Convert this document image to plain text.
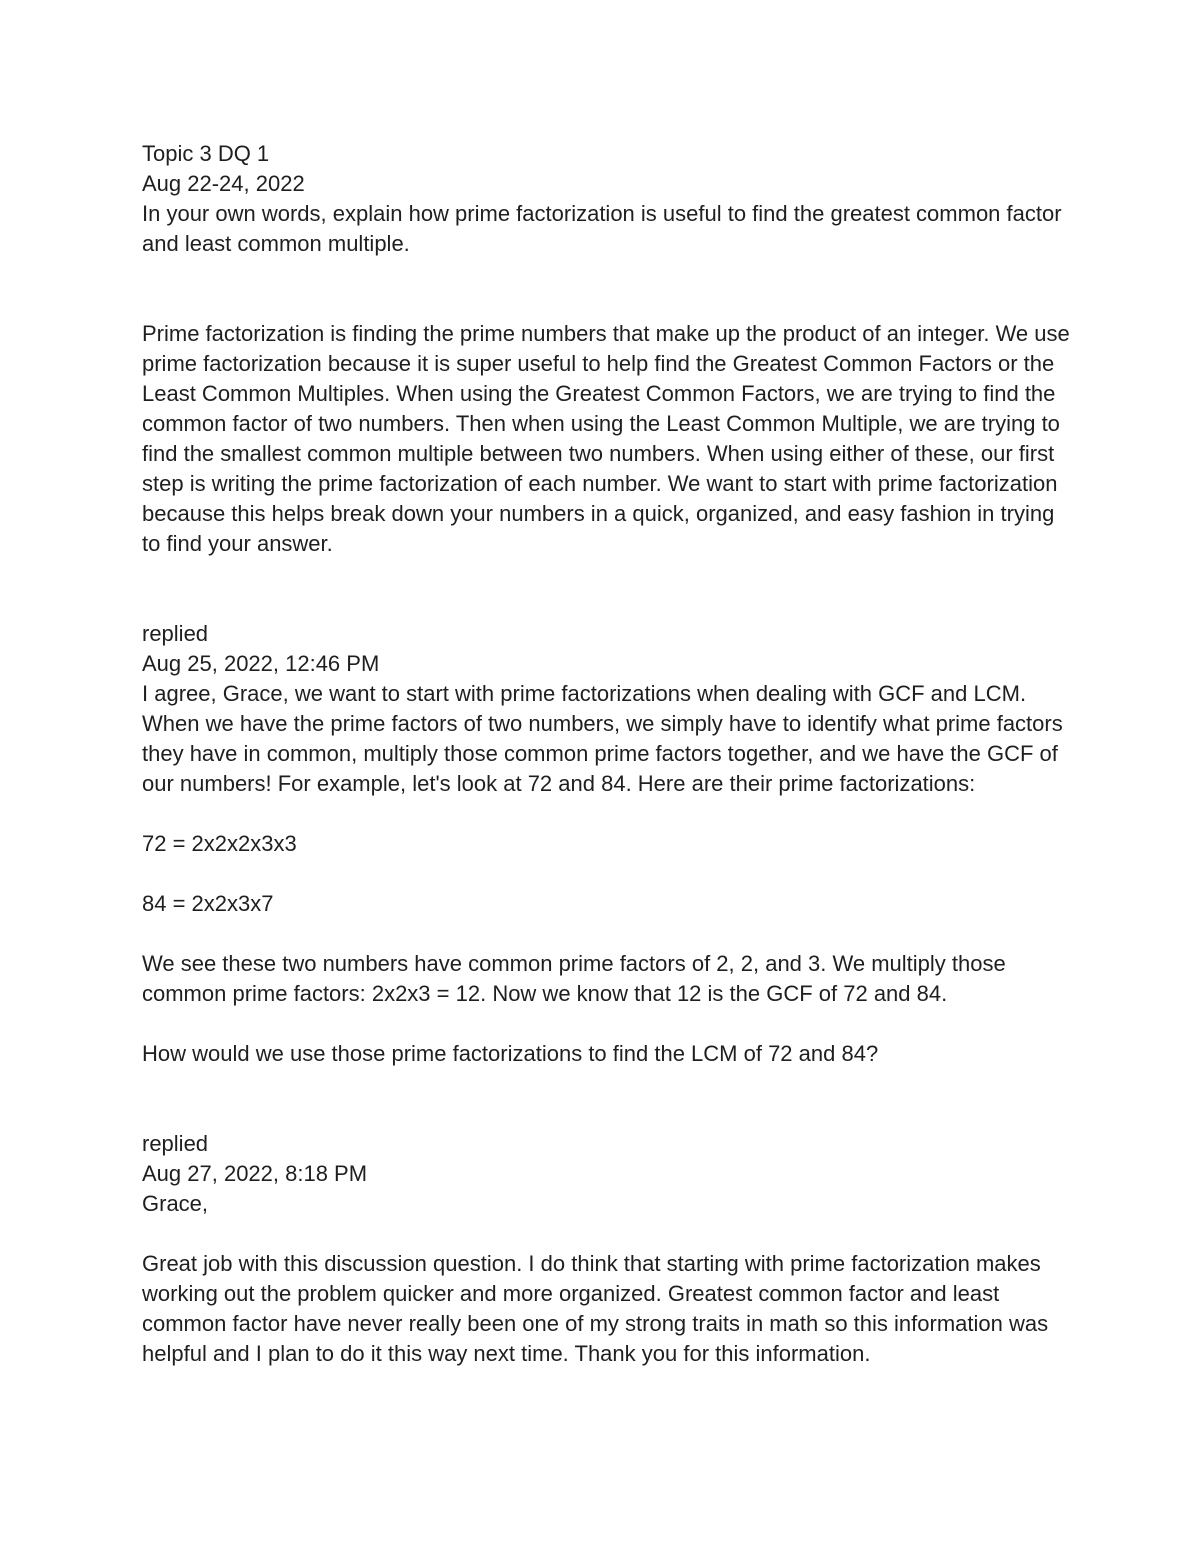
Topic 3 DQ 1

Aug 22-24, 2022

In your own words, explain how prime factorization is useful to find the greatest common factor and least common multiple.

Prime factorization is finding the prime numbers that make up the product of an integer. We use prime factorization because it is super useful to help find the Greatest Common Factors or the Least Common Multiples. When using the Greatest Common Factors, we are trying to find the common factor of two numbers. Then when using the Least Common Multiple, we are trying to find the smallest common multiple between two numbers. When using either of these, our first step is writing the prime factorization of each number. We want to start with prime factorization because this helps break down your numbers in a quick, organized, and easy fashion in trying to find your answer.

replied

Aug 25, 2022, 12:46 PM

I agree, Grace, we want to start with prime factorizations when dealing with GCF and LCM. When we have the prime factors of two numbers, we simply have to identify what prime factors they have in common, multiply those common prime factors together, and we have the GCF of our numbers! For example, let's look at 72 and 84. Here are their prime factorizations:

72 = 2x2x2x3x3

84 = 2x2x3x7

We see these two numbers have common prime factors of 2, 2, and 3. We multiply those common prime factors: 2x2x3 = 12. Now we know that 12 is the GCF of 72 and 84.

How would we use those prime factorizations to find the LCM of 72 and 84?

replied

Aug 27, 2022, 8:18 PM

Grace,

Great job with this discussion question. I do think that starting with prime factorization makes working out the problem quicker and more organized. Greatest common factor and least common factor have never really been one of my strong traits in math so this information was helpful and I plan to do it this way next time. Thank you for this information.
